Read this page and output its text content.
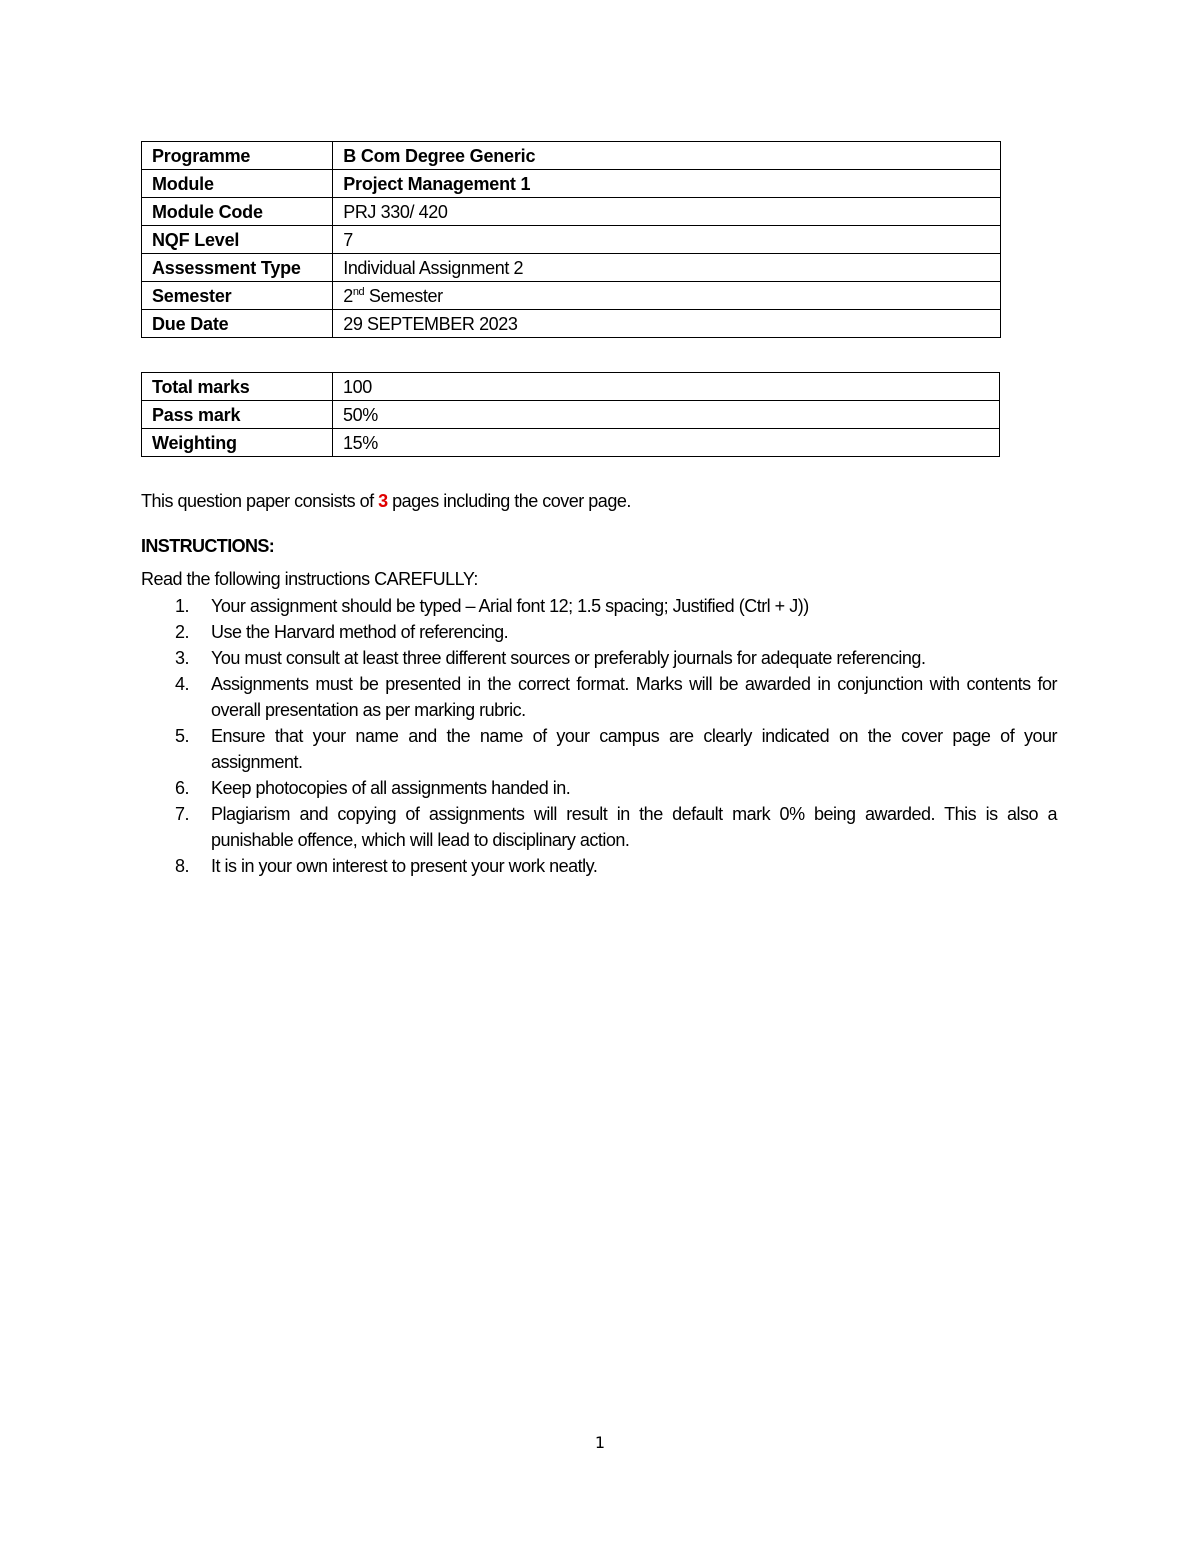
Programme	B Com Degree Generic
Module	Project Management 1
Module Code	PRJ 330/ 420
NQF Level	7
Assessment Type	Individual Assignment 2
Semester	2nd Semester
Due Date	29 SEPTEMBER 2023
Total marks	100
Pass mark	50%
Weighting	15%
This question paper consists of 3 pages including the cover page.
INSTRUCTIONS:
Read the following instructions CAREFULLY:
1. Your assignment should be typed – Arial font 12; 1.5 spacing; Justified (Ctrl + J))
2. Use the Harvard method of referencing.
3. You must consult at least three different sources or preferably journals for adequate referencing.
4. Assignments must be presented in the correct format. Marks will be awarded in conjunction with contents for overall presentation as per marking rubric.
5. Ensure that your name and the name of your campus are clearly indicated on the cover page of your assignment.
6. Keep photocopies of all assignments handed in.
7. Plagiarism and copying of assignments will result in the default mark 0% being awarded. This is also a punishable offence, which will lead to disciplinary action.
8. It is in your own interest to present your work neatly.
1
